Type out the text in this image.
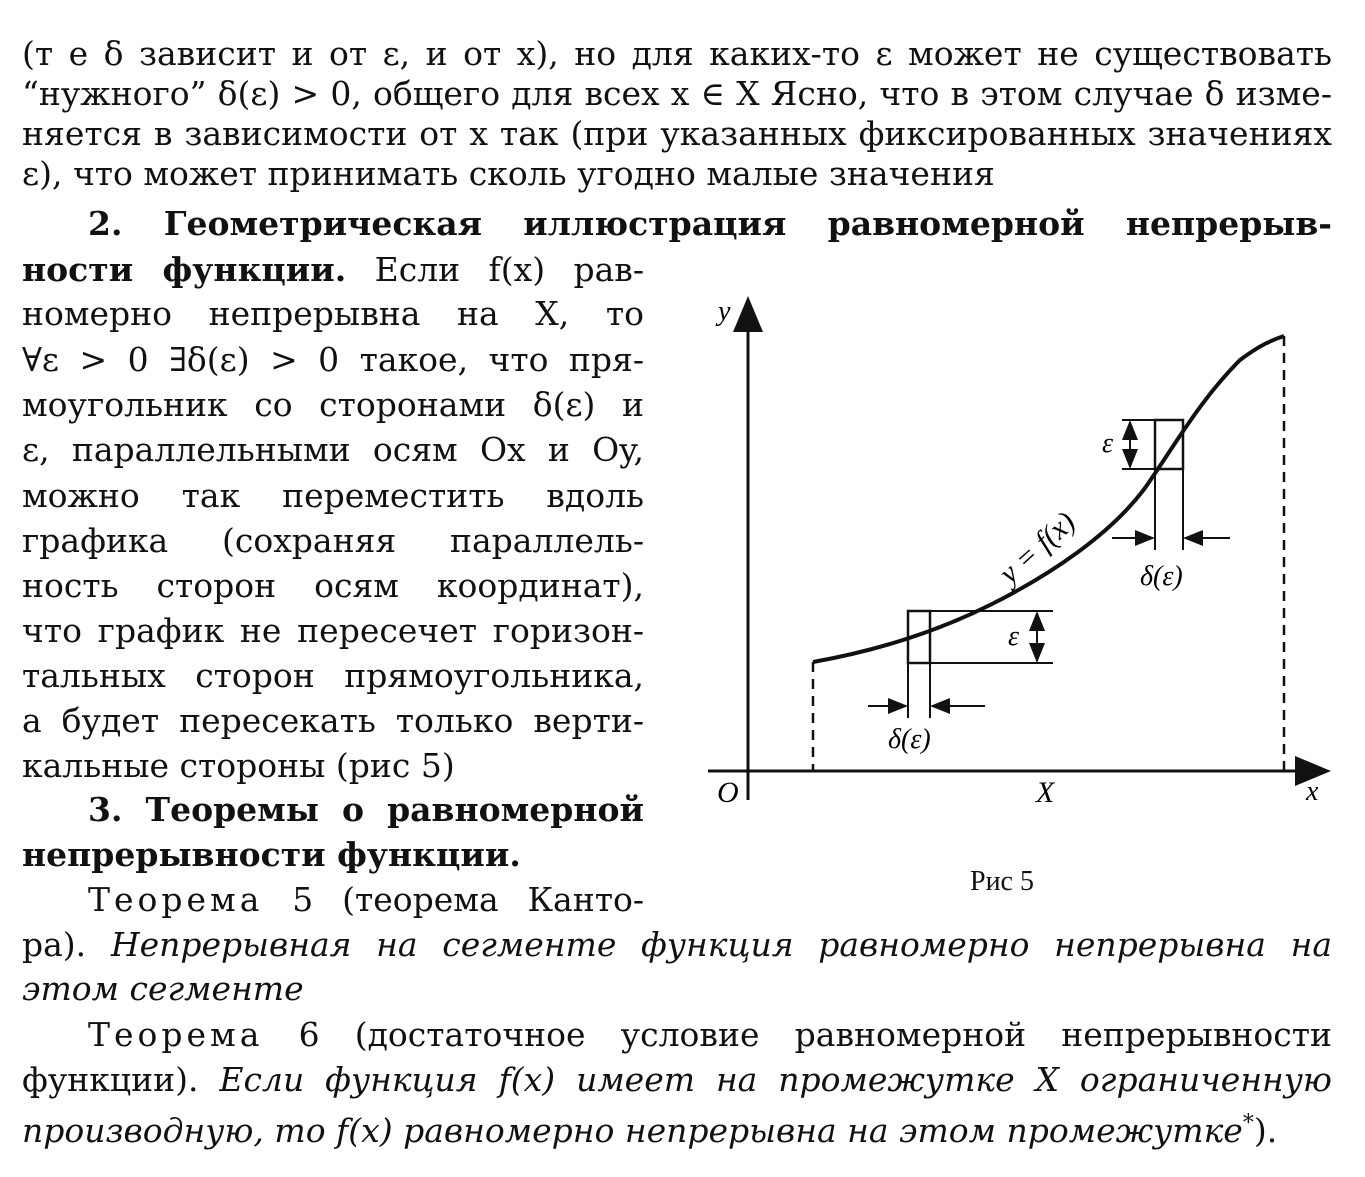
(т е δ зависит и от ε, и от x), но для каких-то ε может не существовать

“нужного” δ(ε) > 0, общего для всех x ∈ X Ясно, что в этом случае δ изме-

няется в зависимости от x так (при указанных фиксированных значениях

ε), что может принимать сколь угодно малые значения

2. Геометрическая иллюстрация равномерной непрерыв-

ности функции. Если f(x) рав-

номерно непрерывна на X, то

∀ε > 0 ∃δ(ε) > 0 такое, что пря-

моугольник со сторонами δ(ε) и

ε, параллельными осям Ox и Oy,

можно так переместить вдоль

графика (сохраняя параллель-

ность сторон осям координат),

что график не пересечет горизон-

тальных сторон прямоугольника,

а будет пересекать только верти-

кальные стороны (рис 5)

3. Теоремы о равномерной

непрерывности функции.

Теорема 5 (теорема Канто-

ра). Непрерывная на сегменте функция равномерно непрерывна на

этом сегменте

Теорема 6 (достаточное условие равномерной непрерывности

функции). Если функция f(x) имеет на промежутке X ограниченную

производную, то f(x) равномерно непрерывна на этом промежутке*).

y
x
O	X
y = f(x)
ε
δ(ε)
ε
δ(ε)
Рис 5
